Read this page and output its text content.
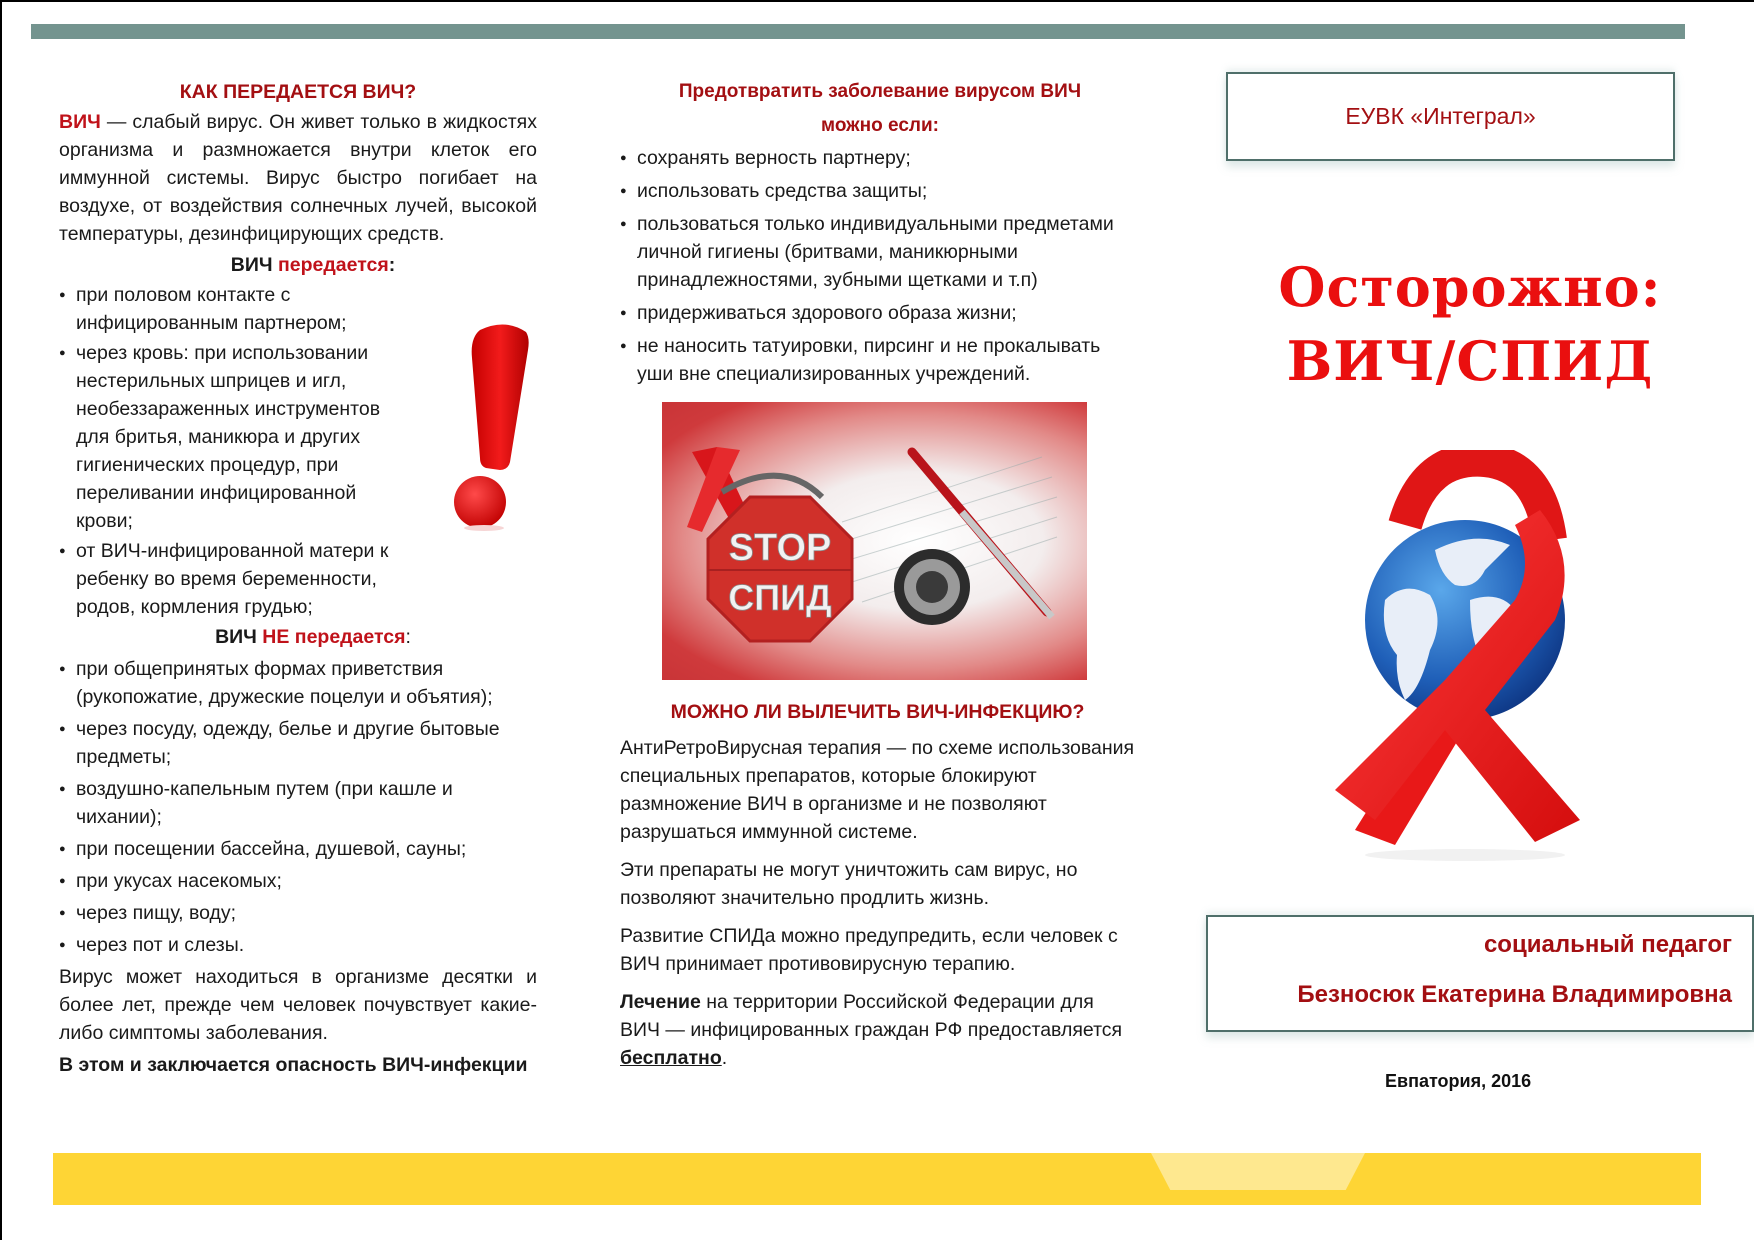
КАК ПЕРЕДАЕТСЯ ВИЧ?

ВИЧ — слабый вирус. Он живет только в жидкостях организма и размножается внутри клеток его иммунной системы. Вирус быстро погибает на воздухе, от воздействия солнечных лучей, высокой температуры, дезинфицирующих средств.

ВИЧ передается:
● при половом контакте с инфицированным партнером;
● через кровь: при использовании нестерильных шприцев и игл, необеззараженных инструментов для бритья, маникюра и других гигиенических процедур, при переливании инфицированной крови;
● от ВИЧ-инфицированной матери к ребенку во время беременности, родов, кормления грудью;
ВИЧ НЕ передается:
● при общепринятых формах приветствия (рукопожатие, дружеские поцелуи и объятия);
● через посуду, одежду, белье и другие бытовые предметы;
● воздушно-капельным путем (при кашле и чихании);
● при посещении бассейна, душевой, сауны;
● при укусах насекомых;
● через пищу, воду;
● через пот и слезы.

Вирус может находиться в организме десятки и более лет, прежде чем человек почувствует какие-либо симптомы заболевания.

В этом и заключается опасность ВИЧ-инфекции

Предотвратить заболевание вирусом ВИЧ
можно если:
● сохранять верность партнеру;
● использовать средства защиты;
● пользоваться только индивидуальными предметами личной гигиены (бритвами, маникюрными принадлежностями, зубными щетками и т.п)
● придерживаться здорового образа жизни;
● не наносить татуировки, пирсинг и не прокалывать уши вне специализированных учреждений.
STOP
СПИД
МОЖНО ЛИ ВЫЛЕЧИТЬ ВИЧ-ИНФЕКЦИЮ?

АнтиРетроВирусная терапия — по схеме использования специальных препаратов, которые блокируют размножение ВИЧ в организме и не позволяют разрушаться иммунной системе.

Эти препараты не могут уничтожить сам вирус, но позволяют значительно продлить жизнь.

Развитие СПИДа можно предупредить, если человек с ВИЧ принимает противовирусную терапию.

Лечение на территории Российской Федерации для ВИЧ — инфицированных граждан РФ предоставляется бесплатно.

ЕУВК «Интеграл»
Осторожно:
ВИЧ/СПИД
социальный педагог
Безносюк Екатерина Владимировна
Евпатория, 2016
